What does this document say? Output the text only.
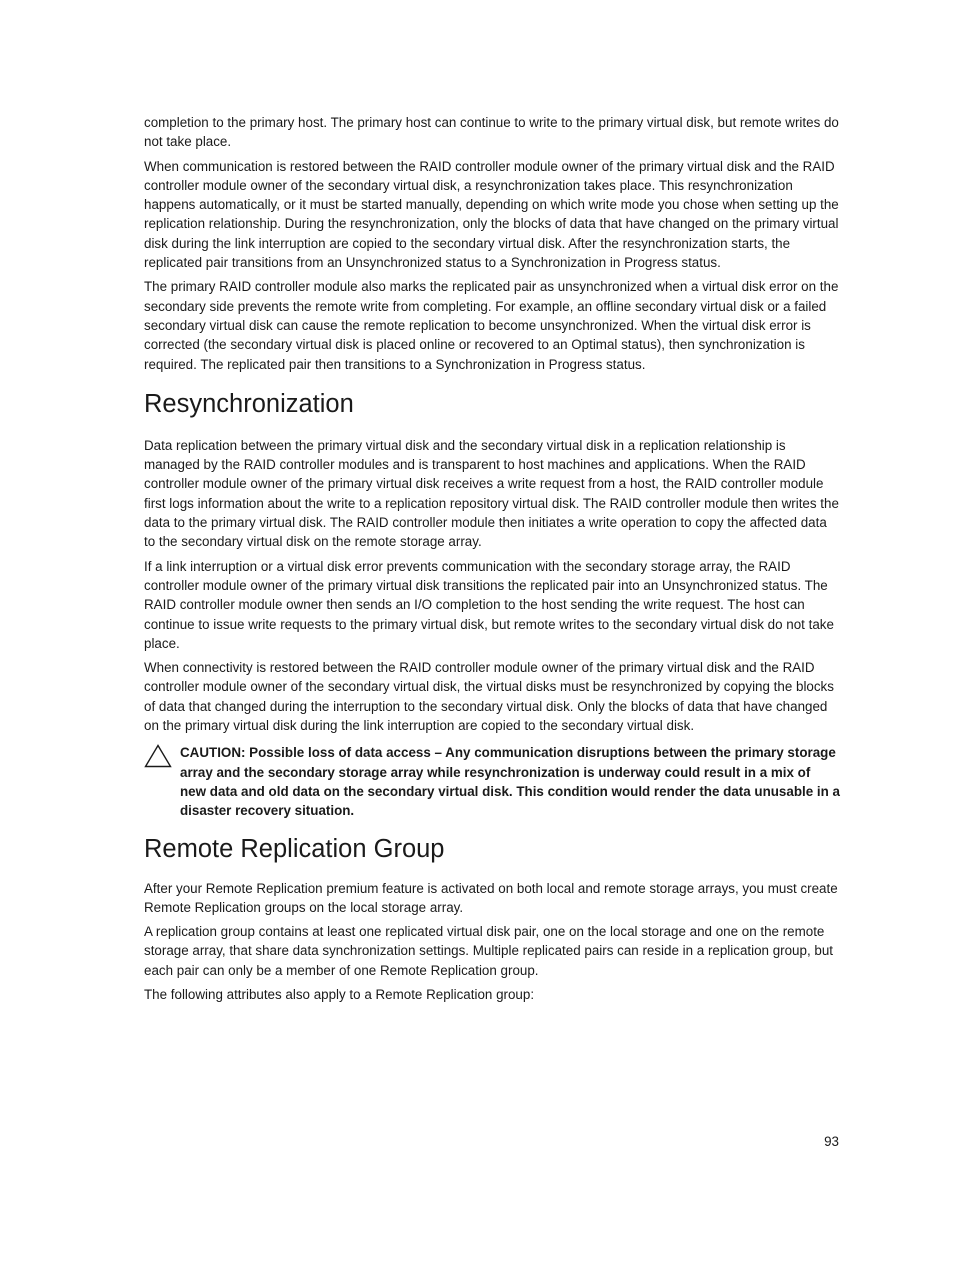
completion to the primary host. The primary host can continue to write to the primary virtual disk, but remote writes do not take place.

When communication is restored between the RAID controller module owner of the primary virtual disk and the RAID controller module owner of the secondary virtual disk, a resynchronization takes place. This resynchronization happens automatically, or it must be started manually, depending on which write mode you chose when setting up the replication relationship. During the resynchronization, only the blocks of data that have changed on the primary virtual disk during the link interruption are copied to the secondary virtual disk. After the resynchronization starts, the replicated pair transitions from an Unsynchronized status to a Synchronization in Progress status.

The primary RAID controller module also marks the replicated pair as unsynchronized when a virtual disk error on the secondary side prevents the remote write from completing. For example, an offline secondary virtual disk or a failed secondary virtual disk can cause the remote replication to become unsynchronized. When the virtual disk error is corrected (the secondary virtual disk is placed online or recovered to an Optimal status), then synchronization is required. The replicated pair then transitions to a Synchronization in Progress status.

Resynchronization

Data replication between the primary virtual disk and the secondary virtual disk in a replication relationship is managed by the RAID controller modules and is transparent to host machines and applications. When the RAID controller module owner of the primary virtual disk receives a write request from a host, the RAID controller module first logs information about the write to a replication repository virtual disk. The RAID controller module then writes the data to the primary virtual disk. The RAID controller module then initiates a write operation to copy the affected data to the secondary virtual disk on the remote storage array.

If a link interruption or a virtual disk error prevents communication with the secondary storage array, the RAID controller module owner of the primary virtual disk transitions the replicated pair into an Unsynchronized status. The RAID controller module owner then sends an I/O completion to the host sending the write request. The host can continue to issue write requests to the primary virtual disk, but remote writes to the secondary virtual disk do not take place.

When connectivity is restored between the RAID controller module owner of the primary virtual disk and the RAID controller module owner of the secondary virtual disk, the virtual disks must be resynchronized by copying the blocks of data that changed during the interruption to the secondary virtual disk. Only the blocks of data that have changed on the primary virtual disk during the link interruption are copied to the secondary virtual disk.

CAUTION: Possible loss of data access – Any communication disruptions between the primary storage array and the secondary storage array while resynchronization is underway could result in a mix of new data and old data on the secondary virtual disk. This condition would render the data unusable in a disaster recovery situation.

Remote Replication Group

After your Remote Replication premium feature is activated on both local and remote storage arrays, you must create Remote Replication groups on the local storage array.

A replication group contains at least one replicated virtual disk pair, one on the local storage and one on the remote storage array, that share data synchronization settings. Multiple replicated pairs can reside in a replication group, but each pair can only be a member of one Remote Replication group.

The following attributes also apply to a Remote Replication group:

93
